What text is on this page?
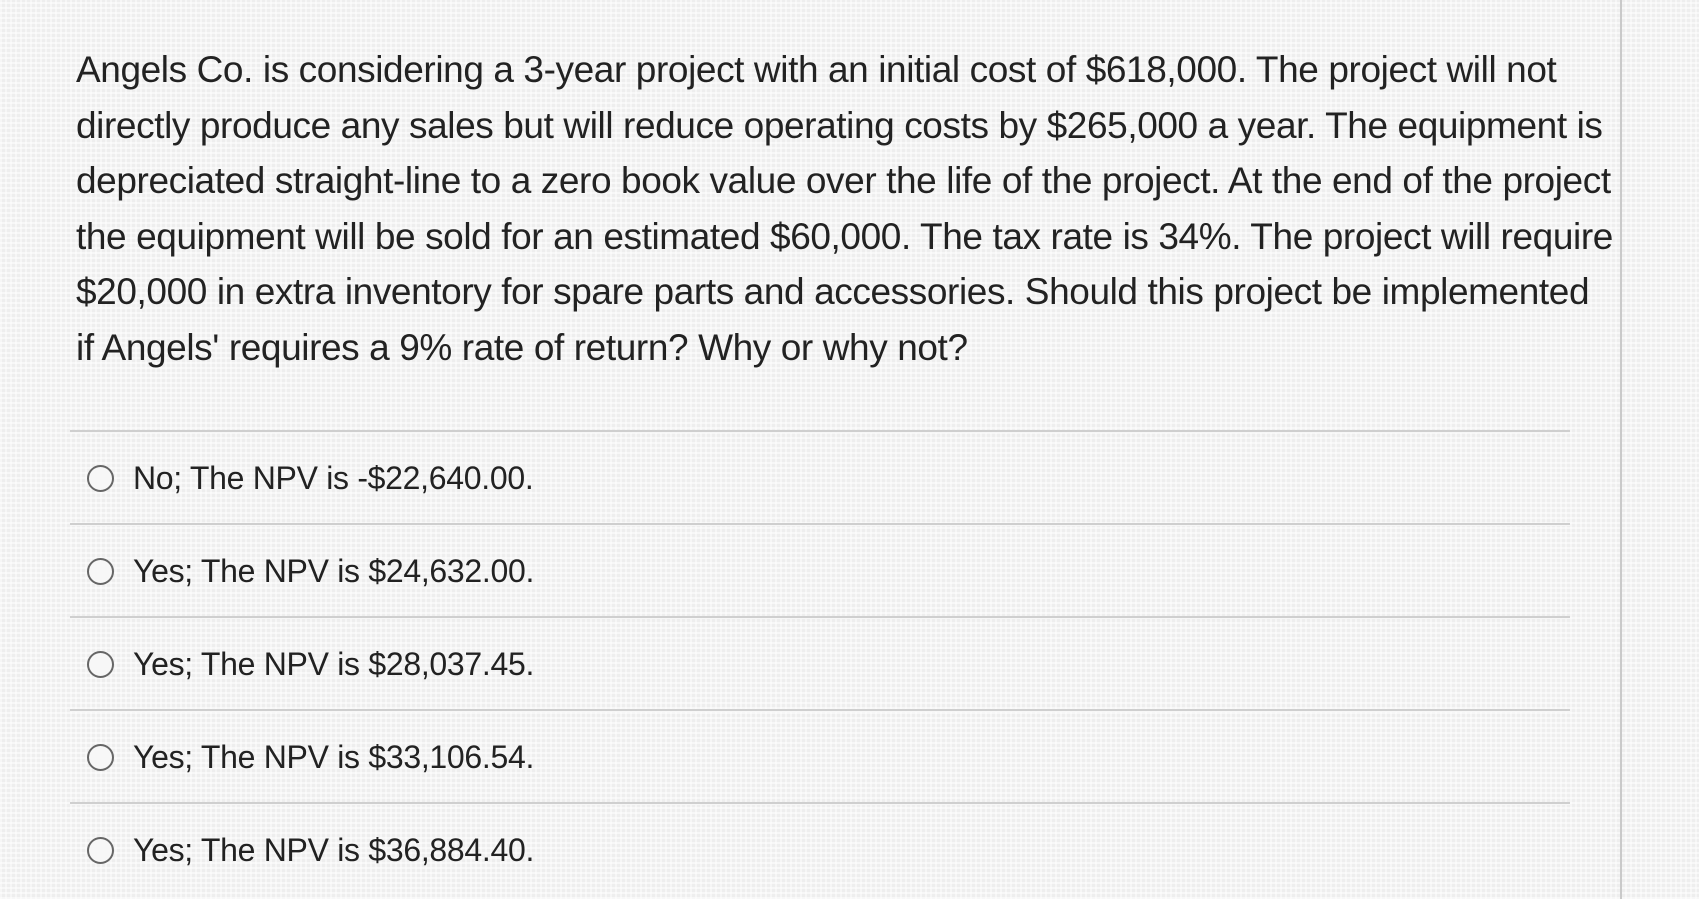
Angels Co. is considering a 3-year project with an initial cost of $618,000. The project will not directly produce any sales but will reduce operating costs by $265,000 a year. The equipment is depreciated straight-line to a zero book value over the life of the project. At the end of the project the equipment will be sold for an estimated $60,000. The tax rate is 34%. The project will require $20,000 in extra inventory for spare parts and accessories. Should this project be implemented if Angels' requires a 9% rate of return? Why or why not?

No; The NPV is -$22,640.00.
Yes; The NPV is $24,632.00.
Yes; The NPV is $28,037.45.
Yes; The NPV is $33,106.54.
Yes; The NPV is $36,884.40.
